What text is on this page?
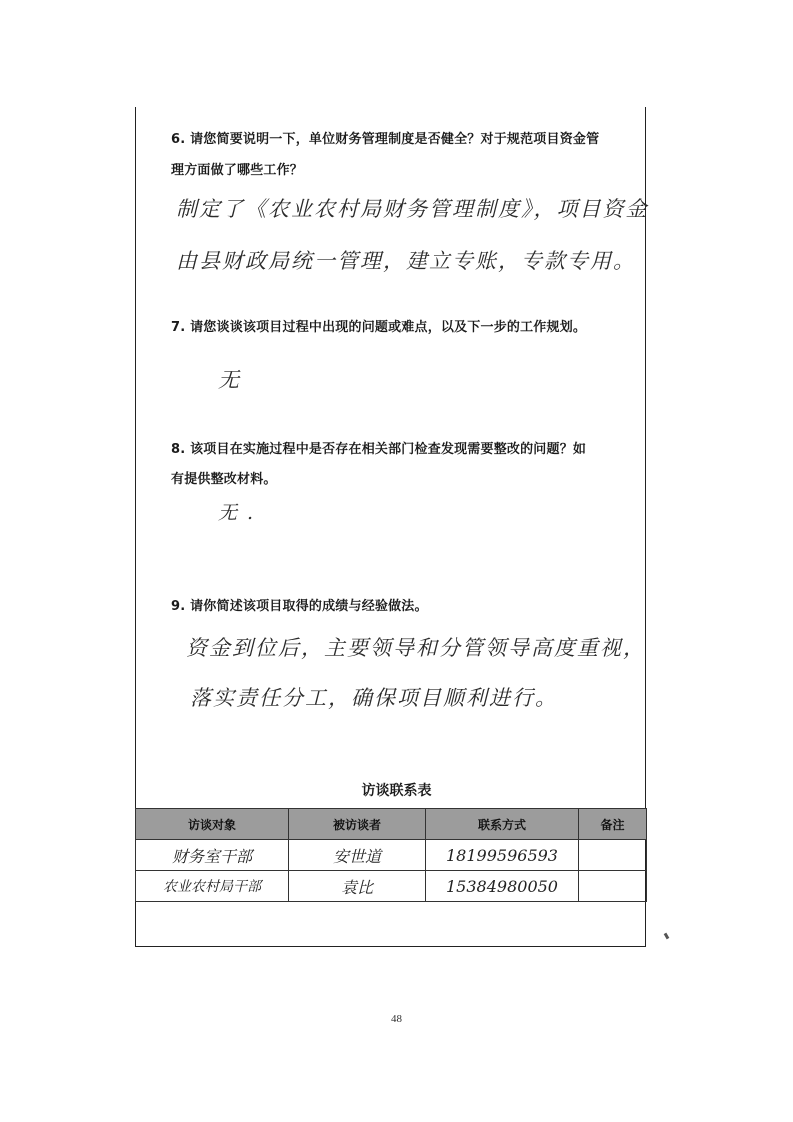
6. 请您简要说明一下，单位财务管理制度是否健全？对于规范项目资金管
理方面做了哪些工作？
制定了《农业农村局财务管理制度》，项目资金
由县财政局统一管理，建立专账，专款专用。
7. 请您谈谈该项目过程中出现的问题或难点，以及下一步的工作规划。
无
8. 该项目在实施过程中是否存在相关部门检查发现需要整改的问题？如
有提供整改材料。
无 .
9. 请你简述该项目取得的成绩与经验做法。
资金到位后，主要领导和分管领导高度重视，
落实责任分工，确保项目顺利进行。
访谈联系表
访谈对象	被访谈者	联系方式	备注
财务室干部	安世道	18199596593	
农业农村局干部	袁比	15384980050	
48
